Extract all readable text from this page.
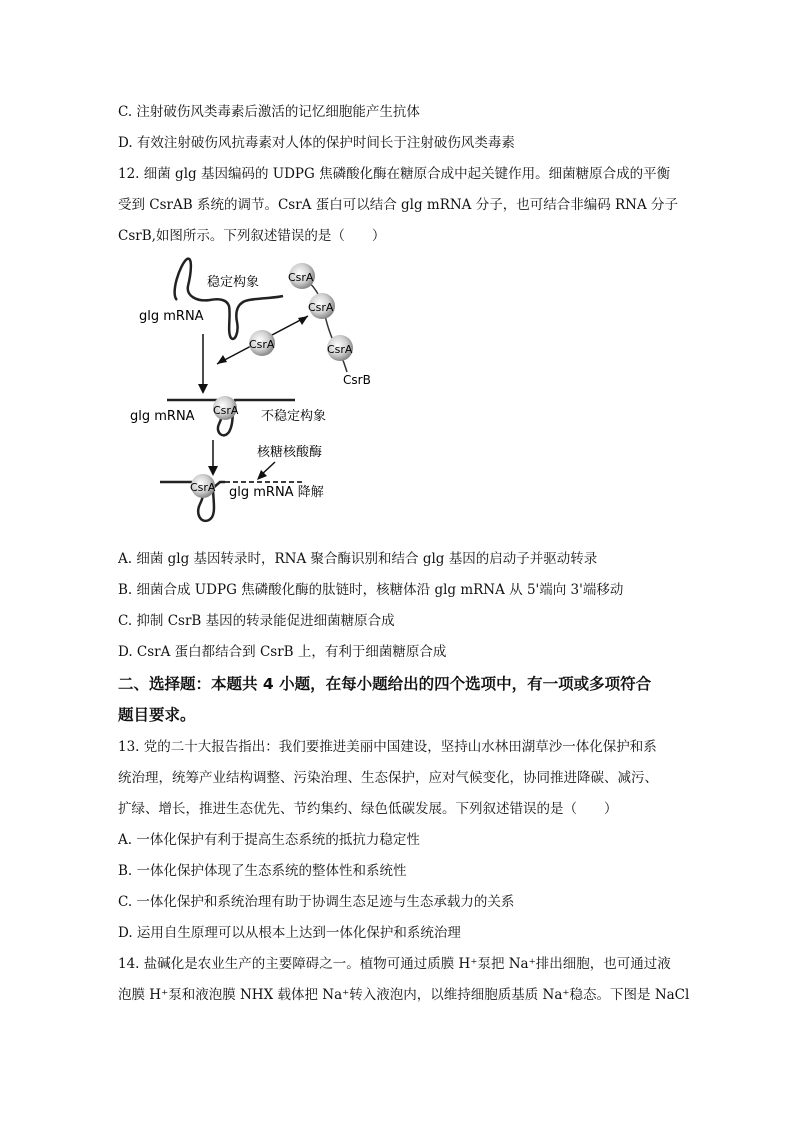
C. 注射破伤风类毒素后激活的记忆细胞能产生抗体
D. 有效注射破伤风抗毒素对人体的保护时间长于注射破伤风类毒素
12. 细菌 glg 基因编码的 UDPG 焦磷酸化酶在糖原合成中起关键作用。细菌糖原合成的平衡
受到 CsrAB 系统的调节。CsrA 蛋白可以结合 glg mRNA 分子，也可结合非编码 RNA 分子
CsrB,如图所示。下列叙述错误的是（　　）
稳定构象
glg mRNA
CsrA
CsrA
CsrA
CsrB
CsrA
CsrA
glg mRNA	不稳定构象
核糖核酸酶
CsrA glg mRNA 降解
A. 细菌 glg 基因转录时，RNA 聚合酶识别和结合 glg 基因的启动子并驱动转录
B. 细菌合成 UDPG 焦磷酸化酶的肽链时，核糖体沿 glg mRNA 从 5'端向 3'端移动
C. 抑制 CsrB 基因的转录能促进细菌糖原合成
D. CsrA 蛋白都结合到 CsrB 上，有利于细菌糖原合成
二、选择题：本题共 4 小题，在每小题给出的四个选项中，有一项或多项符合
题目要求。
13. 党的二十大报告指出：我们要推进美丽中国建设，坚持山水林田湖草沙一体化保护和系
统治理，统筹产业结构调整、污染治理、生态保护，应对气候变化，协同推进降碳、减污、
扩绿、增长，推进生态优先、节约集约、绿色低碳发展。下列叙述错误的是（　　）
A. 一体化保护有利于提高生态系统的抵抗力稳定性
B. 一体化保护体现了生态系统的整体性和系统性
C. 一体化保护和系统治理有助于协调生态足迹与生态承载力的关系
D. 运用自生原理可以从根本上达到一体化保护和系统治理
14. 盐碱化是农业生产的主要障碍之一。植物可通过质膜 H⁺泵把 Na⁺排出细胞，也可通过液
泡膜 H⁺泵和液泡膜 NHX 载体把 Na⁺转入液泡内，以维持细胞质基质 Na⁺稳态。下图是 NaCl
